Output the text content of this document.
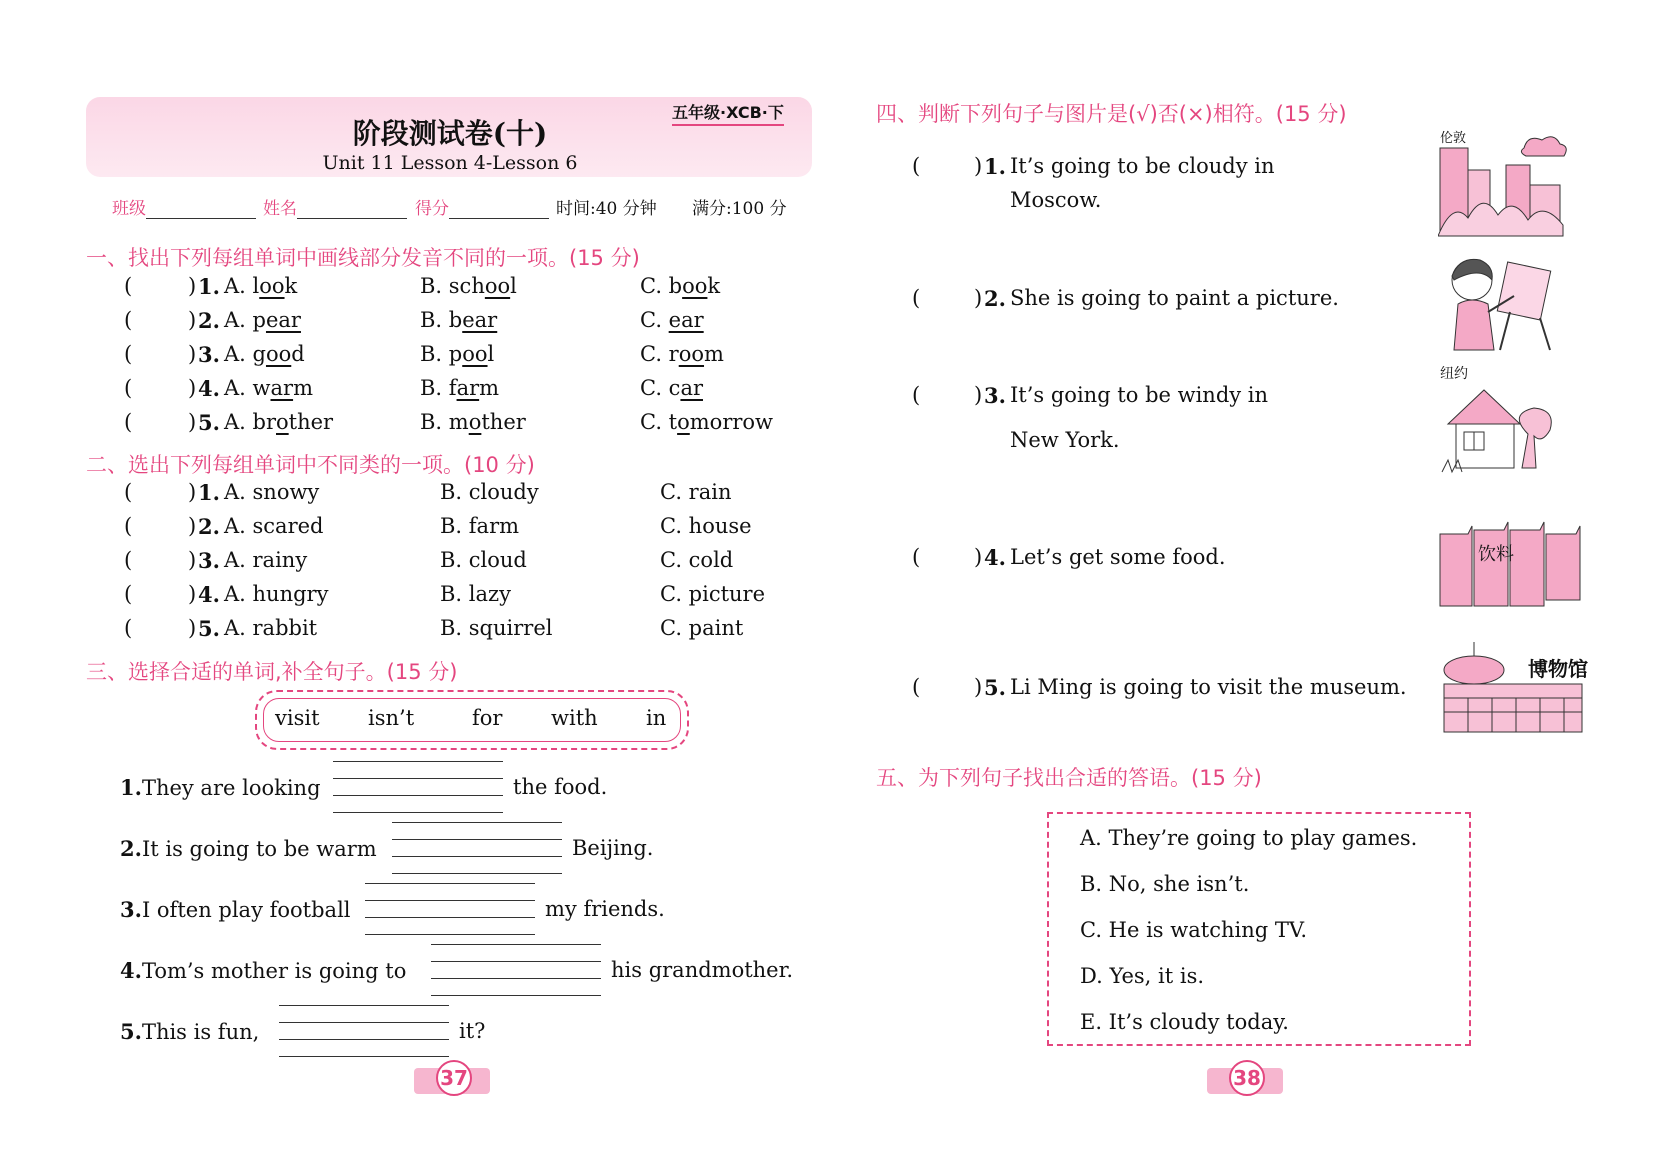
五年级·XCB·下
阶段测试卷(十)
Unit 11 Lesson 4-Lesson 6
班级	姓名	得分	时间:40 分钟 满分:100 分
一、找出下列每组单词中画线部分发音不同的一项。(15 分)
(	) 1. A. look	B. school	C. book
(	) 2. A. pear	B. bear	C. ear
(	) 3. A. good	B. pool	C. room
(	) 4. A. warm	B. farm	C. car
(	) 5. A. brother	B. mother	C. tomorrow
二、选出下列每组单词中不同类的一项。(10 分)
(	) 1. A. snowy	B. cloudy	C. rain
(	) 2. A. scared	B. farm	C. house
(	) 3. A. rainy	B. cloud	C. cold
(	) 4. A. hungry	B. lazy	C. picture
(	) 5. A. rabbit	B. squirrel	C. paint
三、选择合适的单词,补全句子。(15 分)
visit isn’t	for with in
1.They are looking	the food.
2.It is going to be warm	Beijing.
3.I often play football	my friends.
4.Tom’s mother is going to	his grandmother.
5.This is fun,	it?
37
四、判断下列句子与图片是(√)否(×)相符。(15 分)
(	) 1. It’s going to be cloudy in
Moscow.
(	) 2. She is going to paint a picture.
(	) 3. It’s going to be windy in
New York.
(	) 4. Let’s get some food.
(	) 5. Li Ming is going to visit the museum.
伦敦
纽约
饮料
博物馆
五、为下列句子找出合适的答语。(15 分)
A. They’re going to play games.
B. No, she isn’t.
C. He is watching TV.
D. Yes, it is.
E. It’s cloudy today.
38
